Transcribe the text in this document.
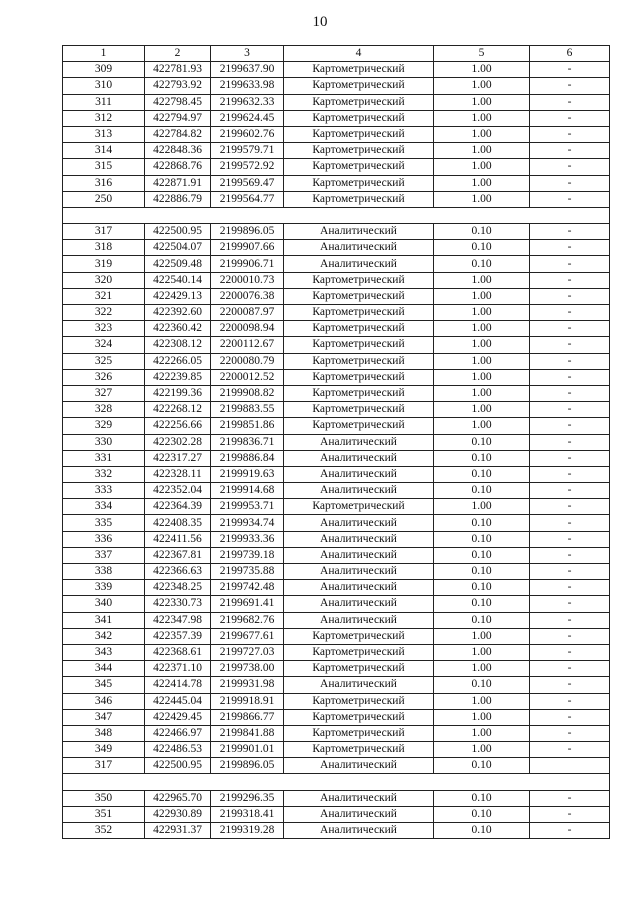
10
1	2	3	4	5	6
309	422781.93	2199637.90	Картометрический	1.00	-
310	422793.92	2199633.98	Картометрический	1.00	-
311	422798.45	2199632.33	Картометрический	1.00	-
312	422794.97	2199624.45	Картометрический	1.00	-
313	422784.82	2199602.76	Картометрический	1.00	-
314	422848.36	2199579.71	Картометрический	1.00	-
315	422868.76	2199572.92	Картометрический	1.00	-
316	422871.91	2199569.47	Картометрический	1.00	-
250	422886.79	2199564.77	Картометрический	1.00	-

317	422500.95	2199896.05	Аналитический	0.10	-
318	422504.07	2199907.66	Аналитический	0.10	-
319	422509.48	2199906.71	Аналитический	0.10	-
320	422540.14	2200010.73	Картометрический	1.00	-
321	422429.13	2200076.38	Картометрический	1.00	-
322	422392.60	2200087.97	Картометрический	1.00	-
323	422360.42	2200098.94	Картометрический	1.00	-
324	422308.12	2200112.67	Картометрический	1.00	-
325	422266.05	2200080.79	Картометрический	1.00	-
326	422239.85	2200012.52	Картометрический	1.00	-
327	422199.36	2199908.82	Картометрический	1.00	-
328	422268.12	2199883.55	Картометрический	1.00	-
329	422256.66	2199851.86	Картометрический	1.00	-
330	422302.28	2199836.71	Аналитический	0.10	-
331	422317.27	2199886.84	Аналитический	0.10	-
332	422328.11	2199919.63	Аналитический	0.10	-
333	422352.04	2199914.68	Аналитический	0.10	-
334	422364.39	2199953.71	Картометрический	1.00	-
335	422408.35	2199934.74	Аналитический	0.10	-
336	422411.56	2199933.36	Аналитический	0.10	-
337	422367.81	2199739.18	Аналитический	0.10	-
338	422366.63	2199735.88	Аналитический	0.10	-
339	422348.25	2199742.48	Аналитический	0.10	-
340	422330.73	2199691.41	Аналитический	0.10	-
341	422347.98	2199682.76	Аналитический	0.10	-
342	422357.39	2199677.61	Картометрический	1.00	-
343	422368.61	2199727.03	Картометрический	1.00	-
344	422371.10	2199738.00	Картометрический	1.00	-
345	422414.78	2199931.98	Аналитический	0.10	-
346	422445.04	2199918.91	Картометрический	1.00	-
347	422429.45	2199866.77	Картометрический	1.00	-
348	422466.97	2199841.88	Картометрический	1.00	-
349	422486.53	2199901.01	Картометрический	1.00	-
317	422500.95	2199896.05	Аналитический	0.10	

350	422965.70	2199296.35	Аналитический	0.10	-
351	422930.89	2199318.41	Аналитический	0.10	-
352	422931.37	2199319.28	Аналитический	0.10	-
